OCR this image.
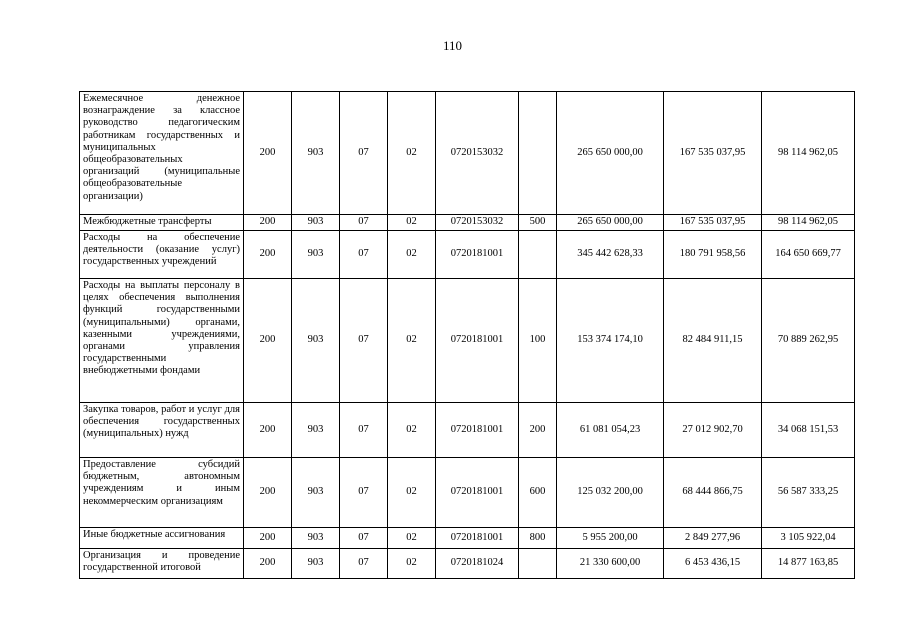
110
Ежемесячное денежное вознаграждение за классное руководство педагогическим работникам государственных и муниципальных общеобразовательных организаций (муниципальные общеобразовательные организации)	200	903	07	02	0720153032		265 650 000,00	167 535 037,95	98 114 962,05
Межбюджетные трансферты	200	903	07	02	0720153032	500	265 650 000,00	167 535 037,95	98 114 962,05
Расходы на обеспечение деятельности (оказание услуг) государственных учреждений	200	903	07	02	0720181001		345 442 628,33	180 791 958,56	164 650 669,77
Расходы на выплаты персоналу в целях обеспечения выполнения функций государственными (муниципальными) органами, казенными учреждениями, органами управления государственными внебюджетными фондами	200	903	07	02	0720181001	100	153 374 174,10	82 484 911,15	70 889 262,95
Закупка товаров, работ и услуг для обеспечения государственных (муниципальных) нужд	200	903	07	02	0720181001	200	61 081 054,23	27 012 902,70	34 068 151,53
Предоставление субсидий бюджетным, автономным учреждениям и иным некоммерческим организациям	200	903	07	02	0720181001	600	125 032 200,00	68 444 866,75	56 587 333,25
Иные бюджетные ассигнования	200	903	07	02	0720181001	800	5 955 200,00	2 849 277,96	3 105 922,04
Организация и проведение государственной итоговой	200	903	07	02	0720181024		21 330 600,00	6 453 436,15	14 877 163,85
